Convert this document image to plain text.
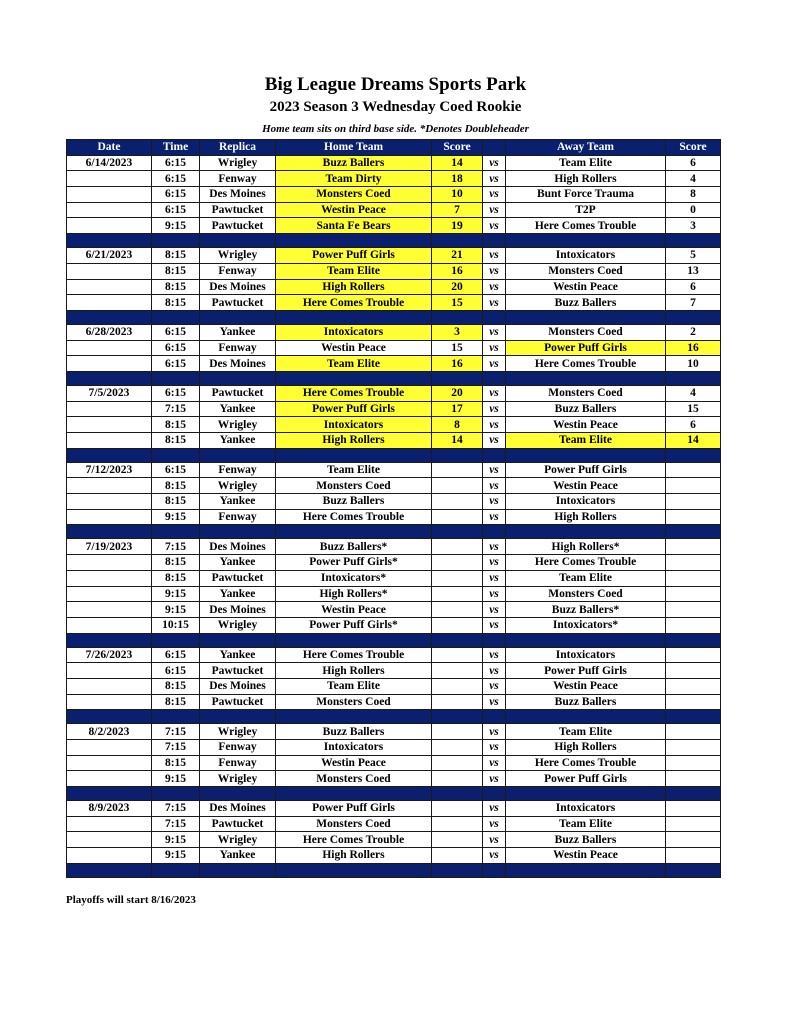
Big League Dreams Sports Park
2023 Season 3 Wednesday Coed Rookie
Home team sits on third base side. *Denotes Doubleheader
Date	Time	Replica	Home Team	Score		Away Team	Score
6/14/2023	6:15	Wrigley	Buzz Ballers	14	vs	Team Elite	6
	6:15	Fenway	Team Dirty	18	vs	High Rollers	4
	6:15	Des Moines	Monsters Coed	10	vs	Bunt Force Trauma	8
	6:15	Pawtucket	Westin Peace	7	vs	T2P	0
	9:15	Pawtucket	Santa Fe Bears	19	vs	Here Comes Trouble	3

6/21/2023	8:15	Wrigley	Power Puff Girls	21	vs	Intoxicators	5
	8:15	Fenway	Team Elite	16	vs	Monsters Coed	13
	8:15	Des Moines	High Rollers	20	vs	Westin Peace	6
	8:15	Pawtucket	Here Comes Trouble	15	vs	Buzz Ballers	7

6/28/2023	6:15	Yankee	Intoxicators	3	vs	Monsters Coed	2
	6:15	Fenway	Westin Peace	15	vs	Power Puff Girls	16
	6:15	Des Moines	Team Elite	16	vs	Here Comes Trouble	10

7/5/2023	6:15	Pawtucket	Here Comes Trouble	20	vs	Monsters Coed	4
	7:15	Yankee	Power Puff Girls	17	vs	Buzz Ballers	15
	8:15	Wrigley	Intoxicators	8	vs	Westin Peace	6
	8:15	Yankee	High Rollers	14	vs	Team Elite	14

7/12/2023	6:15	Fenway	Team Elite		vs	Power Puff Girls	
	8:15	Wrigley	Monsters Coed		vs	Westin Peace	
	8:15	Yankee	Buzz Ballers		vs	Intoxicators	
	9:15	Fenway	Here Comes Trouble		vs	High Rollers	

7/19/2023	7:15	Des Moines	Buzz Ballers*		vs	High Rollers*	
	8:15	Yankee	Power Puff Girls*		vs	Here Comes Trouble	
	8:15	Pawtucket	Intoxicators*		vs	Team Elite	
	9:15	Yankee	High Rollers*		vs	Monsters Coed	
	9:15	Des Moines	Westin Peace		vs	Buzz Ballers*	
	10:15	Wrigley	Power Puff Girls*		vs	Intoxicators*	

7/26/2023	6:15	Yankee	Here Comes Trouble		vs	Intoxicators	
	6:15	Pawtucket	High Rollers		vs	Power Puff Girls	
	8:15	Des Moines	Team Elite		vs	Westin Peace	
	8:15	Pawtucket	Monsters Coed		vs	Buzz Ballers	

8/2/2023	7:15	Wrigley	Buzz Ballers		vs	Team Elite	
	7:15	Fenway	Intoxicators		vs	High Rollers	
	8:15	Fenway	Westin Peace		vs	Here Comes Trouble	
	9:15	Wrigley	Monsters Coed		vs	Power Puff Girls	

8/9/2023	7:15	Des Moines	Power Puff Girls		vs	Intoxicators	
	7:15	Pawtucket	Monsters Coed		vs	Team Elite	
	9:15	Wrigley	Here Comes Trouble		vs	Buzz Ballers	
	9:15	Yankee	High Rollers		vs	Westin Peace	

Playoffs will start 8/16/2023
